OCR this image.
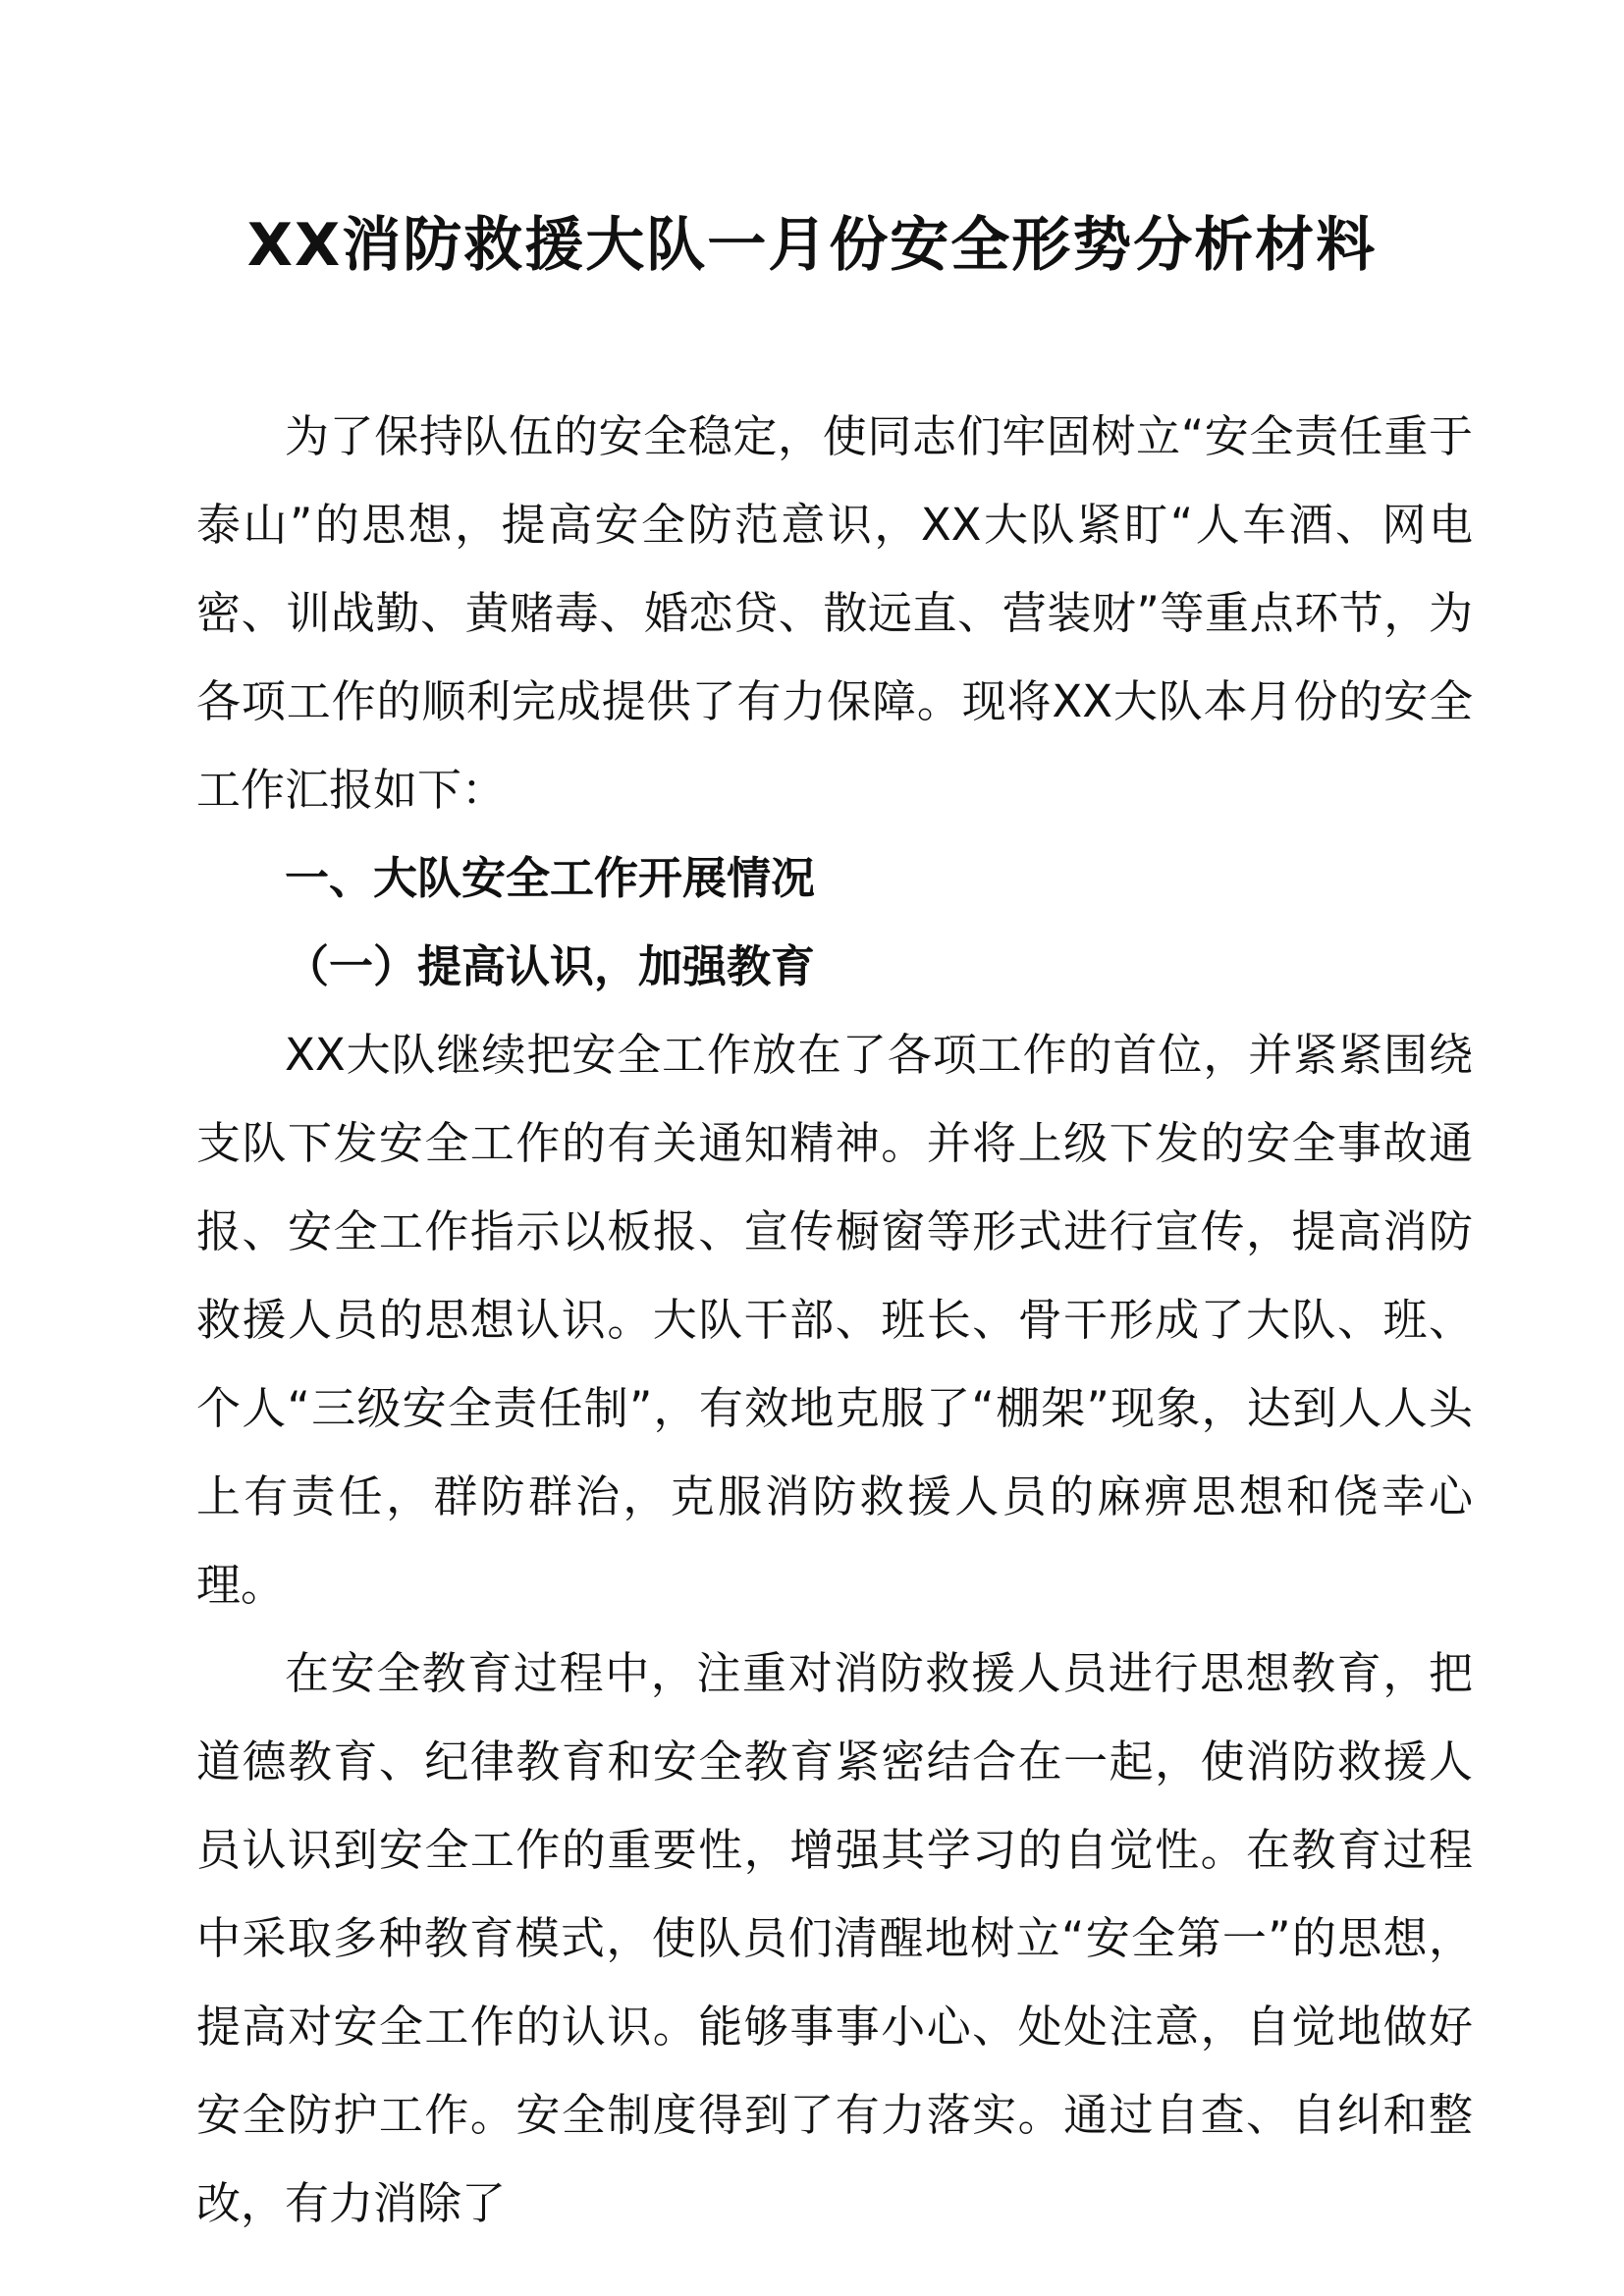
XX消防救援大队一月份安全形势分析材料

为了保持队伍的安全稳定，使同志们牢固树立“安全责任重于泰山”的思想，提高安全防范意识，XX大队紧盯“人车酒、网电密、训战勤、黄赌毒、婚恋贷、散远直、营装财”等重点环节，为各项工作的顺利完成提供了有力保障。现将XX大队本月份的安全工作汇报如下：

一、大队安全工作开展情况

（一）提高认识，加强教育

XX大队继续把安全工作放在了各项工作的首位，并紧紧围绕支队下发安全工作的有关通知精神。并将上级下发的安全事故通报、安全工作指示以板报、宣传橱窗等形式进行宣传，提高消防救援人员的思想认识。大队干部、班长、骨干形成了大队、班、个人“三级安全责任制”，有效地克服了“棚架”现象，达到人人头上有责任，群防群治，克服消防救援人员的麻痹思想和侥幸心理。

在安全教育过程中，注重对消防救援人员进行思想教育，把道德教育、纪律教育和安全教育紧密结合在一起，使消防救援人员认识到安全工作的重要性，增强其学习的自觉性。在教育过程中采取多种教育模式，使队员们清醒地树立“安全第一”的思想，提高对安全工作的认识。能够事事小心、处处注意，自觉地做好安全防护工作。安全制度得到了有力落实。通过自查、自纠和整改，有力消除了
